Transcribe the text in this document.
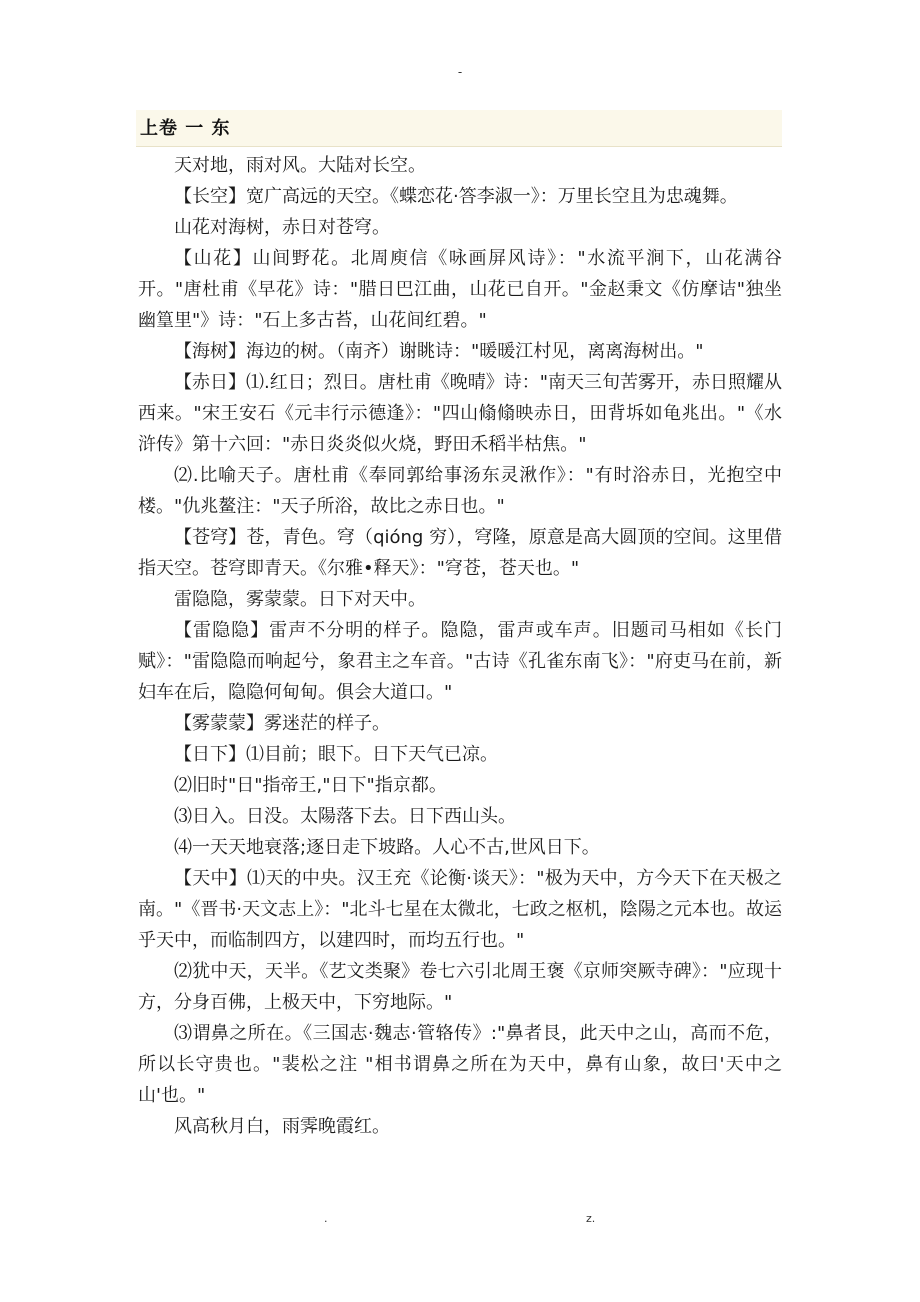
-
上卷 一 东

天对地，雨对风。大陆对长空。

【长空】宽广高远的天空。《蝶恋花·答李淑一》：万里长空且为忠魂舞。

山花对海树，赤日对苍穹。

【山花】山间野花。北周庾信《咏画屏风诗》："水流平涧下，山花满谷开。"唐杜甫《早花》诗："腊日巴江曲，山花已自开。"金赵秉文《仿摩诘"独坐幽篁里"》诗："石上多古苔，山花间红碧。"

【海树】海边的树。（南齐）谢眺诗："暖暖江村见，离离海树出。"

【赤日】⑴.红日；烈日。唐杜甫《晚晴》诗："南天三旬苦雾开，赤日照耀从西来。"宋王安石《元丰行示德逢》："四山翛翛映赤日，田背坼如龟兆出。"《水浒传》第十六回："赤日炎炎似火烧，野田禾稻半枯焦。"

⑵.比喻天子。唐杜甫《奉同郭给事汤东灵湫作》："有时浴赤日，光抱空中楼。"仇兆鳌注："天子所浴，故比之赤日也。"

【苍穹】苍，青色。穹（qióng 穷），穹隆，原意是高大圆顶的空间。这里借指天空。苍穹即青天。《尔雅•释天》："穹苍，苍天也。"

雷隐隐，雾蒙蒙。日下对天中。

【雷隐隐】雷声不分明的样子。隐隐，雷声或车声。旧题司马相如《长门赋》："雷隐隐而响起兮，象君主之车音。"古诗《孔雀东南飞》："府吏马在前，新妇车在后，隐隐何甸甸。俱会大道口。"

【雾蒙蒙】雾迷茫的样子。

【日下】⑴目前；眼下。日下天气已凉。

⑵旧时"日"指帝王,"日下"指京都。

⑶日入。日没。太陽落下去。日下西山头。

⑷一天天地衰落;逐日走下坡路。人心不古,世风日下。

【天中】⑴天的中央。汉王充《论衡·谈天》："极为天中，方今天下在天极之南。"《晋书·天文志上》："北斗七星在太微北，七政之枢机，陰陽之元本也。故运乎天中，而临制四方，以建四时，而均五行也。"

⑵犹中天，天半。《艺文类聚》卷七六引北周王褒《京师突厥寺碑》："应现十方，分身百佛，上极天中，下穷地际。"

⑶谓鼻之所在。《三国志·魏志·管辂传》:"鼻者艮，此天中之山，高而不危，所以长守贵也。"裴松之注 "相书谓鼻之所在为天中，鼻有山象，故曰'天中之山'也。"

风高秋月白，雨霁晚霞红。

.	z.
